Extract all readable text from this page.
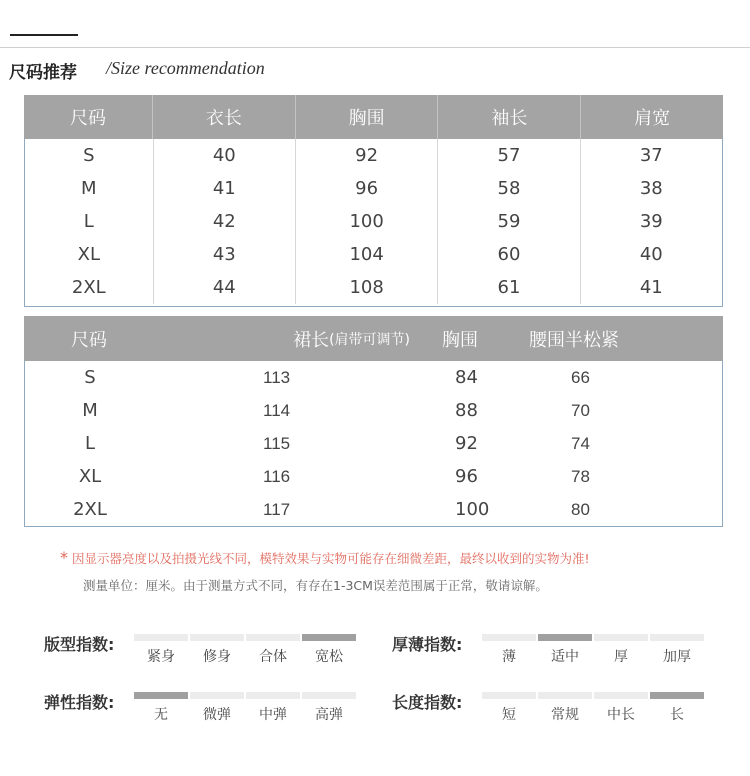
尺码推荐 /Size recommendation
尺码	衣长	胸围	袖长	肩宽
S	40	92	57	37
M	41	96	58	38
L	42	100	59	39
XL	43	104	60	40
2XL	44	108	61	41
尺码	裙长 (肩带可调节)	胸围	腰围半松紧
S	113	84	66
M	114	88	70
L	115	92	74
XL	116	96	78
2XL	117	100	80
* 因显示器亮度以及拍摄光线不同，模特效果与实物可能存在细微差距，最终以收到的实物为准!
测量单位：厘米。由于测量方式不同，有存在1-3CM误差范围属于正常，敬请谅解。
版型指数:
紧身	修身	合体	宽松
厚薄指数:
薄	适中	厚	加厚
弹性指数:
无	微弹	中弹	高弹
长度指数:
短	常规	中长	长
